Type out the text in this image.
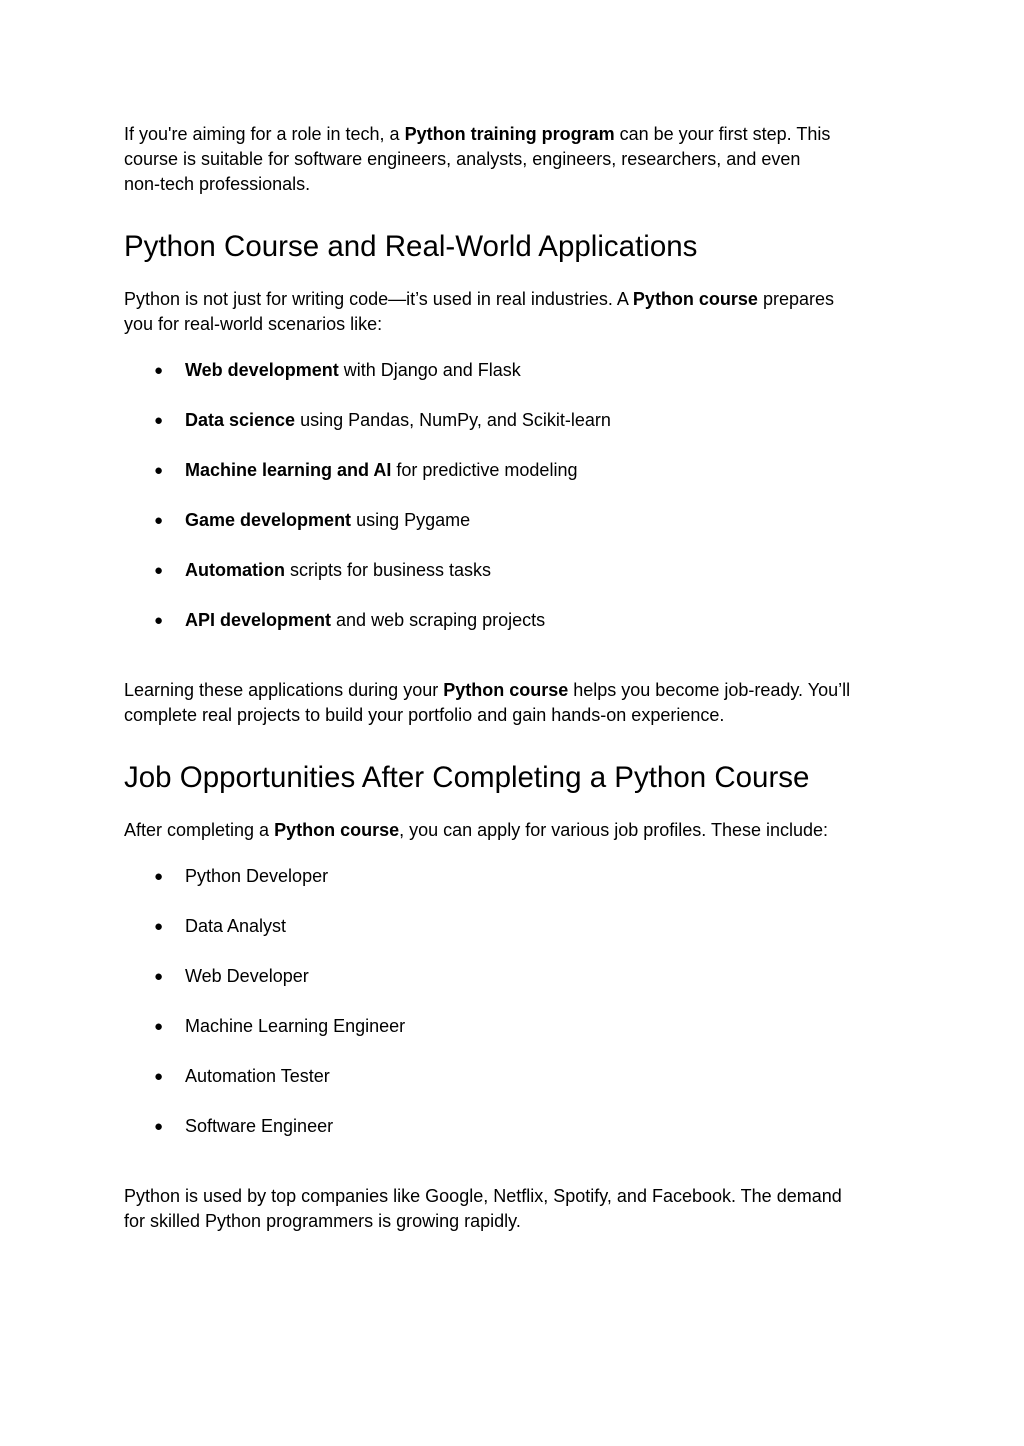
If you're aiming for a role in tech, a Python training program can be your first step. This
course is suitable for software engineers, analysts, engineers, researchers, and even
non-tech professionals.

Python Course and Real-World Applications

Python is not just for writing code—it’s used in real industries. A Python course prepares
you for real-world scenarios like:

● Web development with Django and Flask
● Data science using Pandas, NumPy, and Scikit-learn
● Machine learning and AI for predictive modeling
● Game development using Pygame
● Automation scripts for business tasks
● API development and web scraping projects

Learning these applications during your Python course helps you become job-ready. You’ll
complete real projects to build your portfolio and gain hands-on experience.

Job Opportunities After Completing a Python Course

After completing a Python course, you can apply for various job profiles. These include:

● Python Developer
● Data Analyst
● Web Developer
● Machine Learning Engineer
● Automation Tester
● Software Engineer

Python is used by top companies like Google, Netflix, Spotify, and Facebook. The demand
for skilled Python programmers is growing rapidly.
